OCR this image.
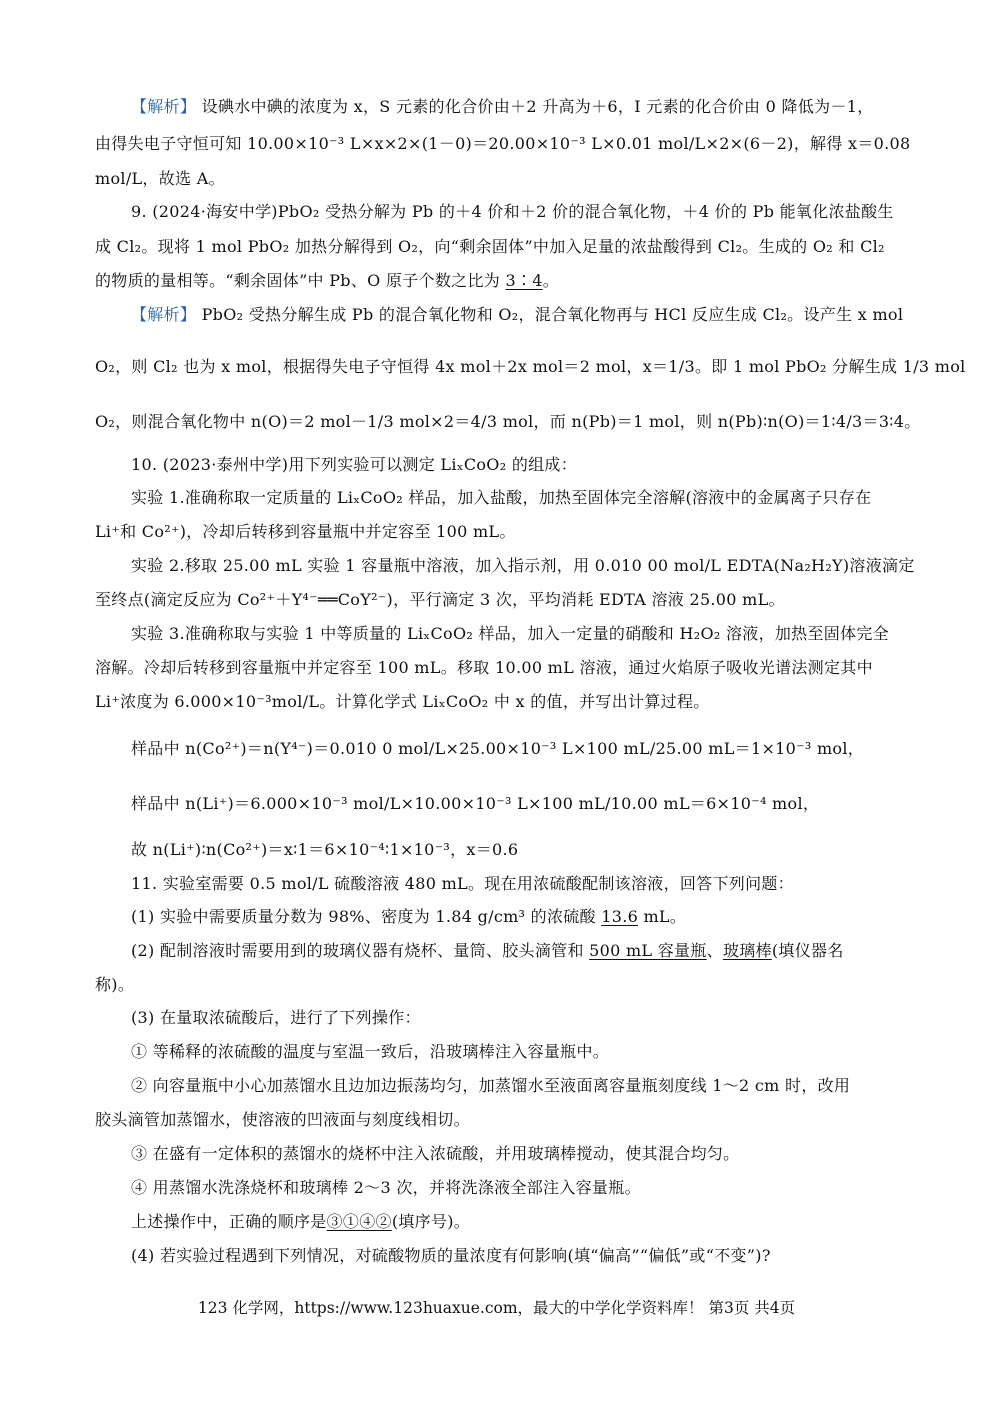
【解析】 设碘水中碘的浓度为 x，S 元素的化合价由＋2 升高为＋6，I 元素的化合价由 0 降低为－1，
由得失电子守恒可知 10.00×10⁻³ L×x×2×(1－0)＝20.00×10⁻³ L×0.01 mol/L×2×(6－2)，解得 x＝0.08
mol/L，故选 A。
9. (2024·海安中学)PbO₂ 受热分解为 Pb 的＋4 价和＋2 价的混合氧化物，＋4 价的 Pb 能氧化浓盐酸生
成 Cl₂。现将 1 mol PbO₂ 加热分解得到 O₂，向“剩余固体”中加入足量的浓盐酸得到 Cl₂。生成的 O₂ 和 Cl₂
的物质的量相等。“剩余固体”中 Pb、O 原子个数之比为 3∶4。
【解析】 PbO₂ 受热分解生成 Pb 的混合氧化物和 O₂，混合氧化物再与 HCl 反应生成 Cl₂。设产生 x mol
O₂，则 Cl₂ 也为 x mol，根据得失电子守恒得 4x mol＋2x mol＝2 mol，x＝1/3。即 1 mol PbO₂ 分解生成 1/3 mol
O₂，则混合氧化物中 n(O)＝2 mol－1/3 mol×2＝4/3 mol，而 n(Pb)＝1 mol，则 n(Pb)∶n(O)＝1∶4/3＝3∶4。
10. (2023·泰州中学)用下列实验可以测定 LiₓCoO₂ 的组成：
实验 1.准确称取一定质量的 LiₓCoO₂ 样品，加入盐酸，加热至固体完全溶解(溶液中的金属离子只存在
Li⁺和 Co²⁺)，冷却后转移到容量瓶中并定容至 100 mL。
实验 2.移取 25.00 mL 实验 1 容量瓶中溶液，加入指示剂，用 0.010 00 mol/L EDTA(Na₂H₂Y)溶液滴定
至终点(滴定反应为 Co²⁺＋Y⁴⁻══CoY²⁻)，平行滴定 3 次，平均消耗 EDTA 溶液 25.00 mL。
实验 3.准确称取与实验 1 中等质量的 LiₓCoO₂ 样品，加入一定量的硝酸和 H₂O₂ 溶液，加热至固体完全
溶解。冷却后转移到容量瓶中并定容至 100 mL。移取 10.00 mL 溶液，通过火焰原子吸收光谱法测定其中
Li⁺浓度为 6.000×10⁻³mol/L。计算化学式 LiₓCoO₂ 中 x 的值，并写出计算过程。
样品中 n(Co²⁺)＝n(Y⁴⁻)＝0.010 0 mol/L×25.00×10⁻³ L×100 mL/25.00 mL＝1×10⁻³ mol，
样品中 n(Li⁺)＝6.000×10⁻³ mol/L×10.00×10⁻³ L×100 mL/10.00 mL＝6×10⁻⁴ mol，
故 n(Li⁺)∶n(Co²⁺)＝x∶1＝6×10⁻⁴∶1×10⁻³，x＝0.6
11. 实验室需要 0.5 mol/L 硫酸溶液 480 mL。现在用浓硫酸配制该溶液，回答下列问题：
(1) 实验中需要质量分数为 98%、密度为 1.84 g/cm³ 的浓硫酸 13.6 mL。
(2) 配制溶液时需要用到的玻璃仪器有烧杯、量筒、胶头滴管和 500 mL 容量瓶、玻璃棒(填仪器名
称)。
(3) 在量取浓硫酸后，进行了下列操作：
① 等稀释的浓硫酸的温度与室温一致后，沿玻璃棒注入容量瓶中。
② 向容量瓶中小心加蒸馏水且边加边振荡均匀，加蒸馏水至液面离容量瓶刻度线 1～2 cm 时，改用
胶头滴管加蒸馏水，使溶液的凹液面与刻度线相切。
③ 在盛有一定体积的蒸馏水的烧杯中注入浓硫酸，并用玻璃棒搅动，使其混合均匀。
④ 用蒸馏水洗涤烧杯和玻璃棒 2～3 次，并将洗涤液全部注入容量瓶。
上述操作中，正确的顺序是③①④②(填序号)。
(4) 若实验过程遇到下列情况，对硫酸物质的量浓度有何影响(填“偏高”“偏低”或“不变”)?
123 化学网，https://www.123huaxue.com，最大的中学化学资料库！ 第3页 共4页
